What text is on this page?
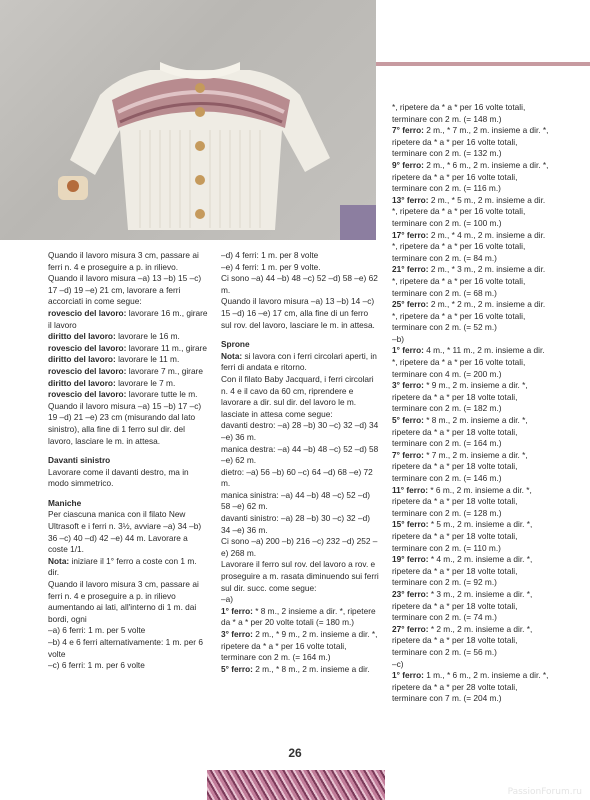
Quando il lavoro misura 3 cm, passare ai ferri n. 4 e proseguire a p. in rilievo.

Quando il lavoro misura –a) 13 –b) 15 –c) 17 –d) 19 –e) 21 cm, lavorare a ferri accorciati in come segue:

rovescio del lavoro: lavorare 16 m., girare il lavoro

diritto del lavoro: lavorare le 16 m.

rovescio del lavoro: lavorare 11 m., girare

diritto del lavoro: lavorare le 11 m.

rovescio del lavoro: lavorare 7 m., girare

diritto del lavoro: lavorare le 7 m.

rovescio del lavoro: lavorare tutte le m.

Quando il lavoro misura –a) 15 –b) 17 –c) 19 –d) 21 –e) 23 cm (misurando dal lato sinistro), alla fine di 1 ferro sul dir. del lavoro, lasciare le m. in attesa.

Davanti sinistro

Lavorare come il davanti destro, ma in modo simmetrico.

Maniche

Per ciascuna manica con il filato New Ultrasoft e i ferri n. 3½, avviare –a) 34 –b) 36 –c) 40 –d) 42 –e) 44 m. Lavorare a coste 1/1.

Nota: iniziare il 1° ferro a coste con 1 m. dir.

Quando il lavoro misura 3 cm, passare ai ferri n. 4 e proseguire a p. in rilievo aumentando ai lati, all'interno di 1 m. dai bordi, ogni

–a) 6 ferri: 1 m. per 5 volte

–b) 4 e 6 ferri alternativamente: 1 m. per 6 volte

–c) 6 ferri: 1 m. per 6 volte

–d) 4 ferri: 1 m. per 8 volte

–e) 4 ferri: 1 m. per 9 volte.

Ci sono –a) 44 –b) 48 –c) 52 –d) 58 –e) 62 m.

Quando il lavoro misura –a) 13 –b) 14 –c) 15 –d) 16 –e) 17 cm, alla fine di un ferro sul rov. del lavoro, lasciare le m. in attesa.

Sprone

Nota: si lavora con i ferri circolari aperti, in ferri di andata e ritorno.

Con il filato Baby Jacquard, i ferri circolari n. 4 e il cavo da 60 cm, riprendere e lavorare a dir. sul dir. del lavoro le m. lasciate in attesa come segue:

davanti destro: –a) 28 –b) 30 –c) 32 –d) 34 –e) 36 m.

manica destra: –a) 44 –b) 48 –c) 52 –d) 58 –e) 62 m.

dietro: –a) 56 –b) 60 –c) 64 –d) 68 –e) 72 m.

manica sinistra: –a) 44 –b) 48 –c) 52 –d) 58 –e) 62 m.

davanti sinistro: –a) 28 –b) 30 –c) 32 –d) 34 –e) 36 m.

Ci sono –a) 200 –b) 216 –c) 232 –d) 252 –e) 268 m.

Lavorare il ferro sul rov. del lavoro a rov. e proseguire a m. rasata diminuendo sui ferri sul dir. succ. come segue:

–a)

1° ferro: * 8 m., 2 insieme a dir. *, ripetere da * a * per 20 volte totali (= 180 m.)

3° ferro: 2 m., * 9 m., 2 m. insieme a dir. *, ripetere da * a * per 16 volte totali, terminare con 2 m. (= 164 m.)

5° ferro: 2 m., * 8 m., 2 m. insieme a dir.

*, ripetere da * a * per 16 volte totali, terminare con 2 m. (= 148 m.)

7° ferro: 2 m., * 7 m., 2 m. insieme a dir. *, ripetere da * a * per 16 volte totali, terminare con 2 m. (= 132 m.)

9° ferro: 2 m., * 6 m., 2 m. insieme a dir. *, ripetere da * a * per 16 volte totali, terminare con 2 m. (= 116 m.)

13° ferro: 2 m., * 5 m., 2 m. insieme a dir. *, ripetere da * a * per 16 volte totali, terminare con 2 m. (= 100 m.)

17° ferro: 2 m., * 4 m., 2 m. insieme a dir. *, ripetere da * a * per 16 volte totali, terminare con 2 m. (= 84 m.)

21° ferro: 2 m., * 3 m., 2 m. insieme a dir. *, ripetere da * a * per 16 volte totali, terminare con 2 m. (= 68 m.)

25° ferro: 2 m., * 2 m., 2 m. insieme a dir. *, ripetere da * a * per 16 volte totali, terminare con 2 m. (= 52 m.)

–b)

1° ferro: 4 m., * 11 m., 2 m. insieme a dir. *, ripetere da * a * per 16 volte totali, terminare con 4 m. (= 200 m.)

3° ferro: * 9 m., 2 m. insieme a dir. *, ripetere da * a * per 18 volte totali, terminare con 2 m. (= 182 m.)

5° ferro: * 8 m., 2 m. insieme a dir. *, ripetere da * a * per 18 volte totali, terminare con 2 m. (= 164 m.)

7° ferro: * 7 m., 2 m. insieme a dir. *, ripetere da * a * per 18 volte totali, terminare con 2 m. (= 146 m.)

11° ferro: * 6 m., 2 m. insieme a dir. *, ripetere da * a * per 18 volte totali, terminare con 2 m. (= 128 m.)

15° ferro: * 5 m., 2 m. insieme a dir. *, ripetere da * a * per 18 volte totali, terminare con 2 m. (= 110 m.)

19° ferro: * 4 m., 2 m. insieme a dir. *, ripetere da * a * per 18 volte totali, terminare con 2 m. (= 92 m.)

23° ferro: * 3 m., 2 m. insieme a dir. *, ripetere da * a * per 18 volte totali, terminare con 2 m. (= 74 m.)

27° ferro: * 2 m., 2 m. insieme a dir. *, ripetere da * a * per 18 volte totali, terminare con 2 m. (= 56 m.)

–c)

1° ferro: 1 m., * 6 m., 2 m. insieme a dir. *, ripetere da * a * per 28 volte totali, terminare con 7 m. (= 204 m.)

26
PassionForum.ru
